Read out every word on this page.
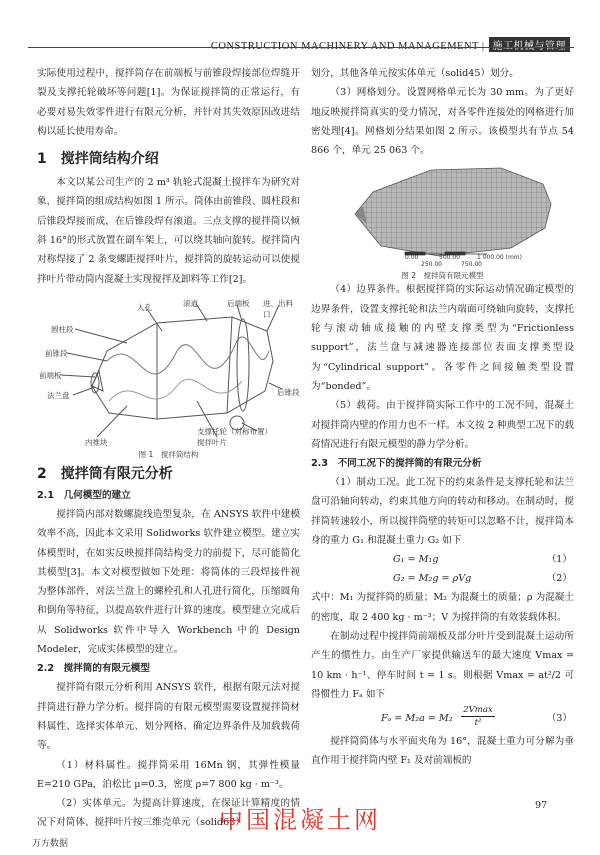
实际使用过程中，搅拌筒存在前端板与前锥段焊接部位焊缝开裂及支撑托轮破坏等问题[1]。为保证搅拌筒的正常运行，有必要对易失效零件进行有限元分析，并针对其失效原因改进结构以延长使用寿命。

1　搅拌筒结构介绍

本文以某公司生产的 2 m³ 轨轮式混凝土搅拌车为研究对象，搅拌筒的组成结构如图 1 所示。筒体由前锥段、圆柱段和后锥段焊接而成，在后锥段焊有滚道。三点支撑的搅拌筒以倾斜 16°的形式放置在副车架上，可以绕其轴向旋转。搅拌筒内对称焊接了 2 条变螺距搅拌叶片，搅拌筒的旋转运动可以使搅拌叶片带动筒内混凝土实现搅拌及卸料等工作[2]。

入孔	滚道	后端板 进、出料口
圆柱段
前锥段
前端板
法兰盘	后锥段
支撑托轮（对称布置）
搅拌叶片
内推块
图 1　搅拌筒结构
2　搅拌筒有限元分析
2.1　几何模型的建立

搅拌筒内部对数螺旋线造型复杂，在 ANSYS 软件中建模效率不高，因此本文采用 Solidworks 软件建立模型。建立实体模型时，在如实反映搅拌筒结构受力的前提下，尽可能简化其模型[3]。本文对模型做如下处理：将筒体的三段焊接件视为整体部件，对法兰盘上的螺栓孔和人孔进行简化，压缩圆角和倒角等特征，以提高软件进行计算的速度。模型建立完成后从 Solidworks 软件中导入 Workbench 中的 Design Modeler，完成实体模型的建立。

2.2　搅拌筒的有限元模型

搅拌筒有限元分析利用 ANSYS 软件，根据有限元法对搅拌筒进行静力学分析。搅拌筒的有限元模型需要设置搅拌筒材料属性、选择实体单元、划分网格、确定边界条件及加载载荷等。

（1）材料属性。搅拌筒采用 16Mn 钢，其弹性模量 E=210 GPa，泊松比 μ=0.3，密度 ρ=7 800 kg · m⁻³。

（2）实体单元。为提高计算速度，在保证计算精度的情况下对筒体、搅拌叶片按三维壳单元（solid63）

划分，其他各单元按实体单元（solid45）划分。

（3）网格划分。设置网格单元长为 30 mm。为了更好地反映搅拌筒真实的受力情况，对各零件连接处的网格进行加密处理[4]。网格划分结果如图 2 所示。该模型共有节点 54 866 个，单元 25 063 个。

0.00	500.00	1 000.00 (mm)
250.00	750.00
图 2　搅拌筒有限元模型

（4）边界条件。根据搅拌筒的实际运动情况确定模型的边界条件，设置支撑托轮和法兰内端面可绕轴向旋转，支撑托轮与滚动轴成接触的内壁支撑类型为“Frictionless support”，法兰盘与减速器连接部位表面支撑类型设为“Cylindrical support”。各零件之间接触类型设置为“bonded”。

（5）载荷。由于搅拌筒实际工作中的工况不同，混凝土对搅拌筒内壁的作用力也不一样。本文按 2 种典型工况下的载荷情况进行有限元模型的静力学分析。

2.3　不同工况下的搅拌筒的有限元分析

（1）制动工况。此工况下的约束条件是支撑托轮和法兰盘可沿轴向转动，约束其他方向的转动和移动。在制动时，搅拌筒转速较小，所以搅拌筒壁的转矩可以忽略不计，搅拌筒本身的重力 G₁ 和混凝土重力 G₂ 如下

G₁ = M₁g	（1）
G₂ = M₂g = ρVg	（2）

式中：M₁ 为搅拌筒的质量；M₂ 为混凝土的质量；ρ 为混凝土的密度，取 2 400 kg · m⁻³；V 为搅拌筒的有效装载体积。

在制动过程中搅拌筒前端板及部分叶片受到混凝土运动所产生的惯性力。由生产厂家提供输送车的最大速度 Vmax = 10 km · h⁻¹、停车时间 t = 1 s。则根据 Vmax = at²/2 可得惯性力 Fₐ 如下

Fₐ = M₂a = M₂
2Vmax
t²	（3）

搅拌筒筒体与水平面夹角为 16°，混凝土重力可分解为垂直作用于搅拌筒内壁 F₁ 及对前端板的

97
中国混凝土网
万方数据
